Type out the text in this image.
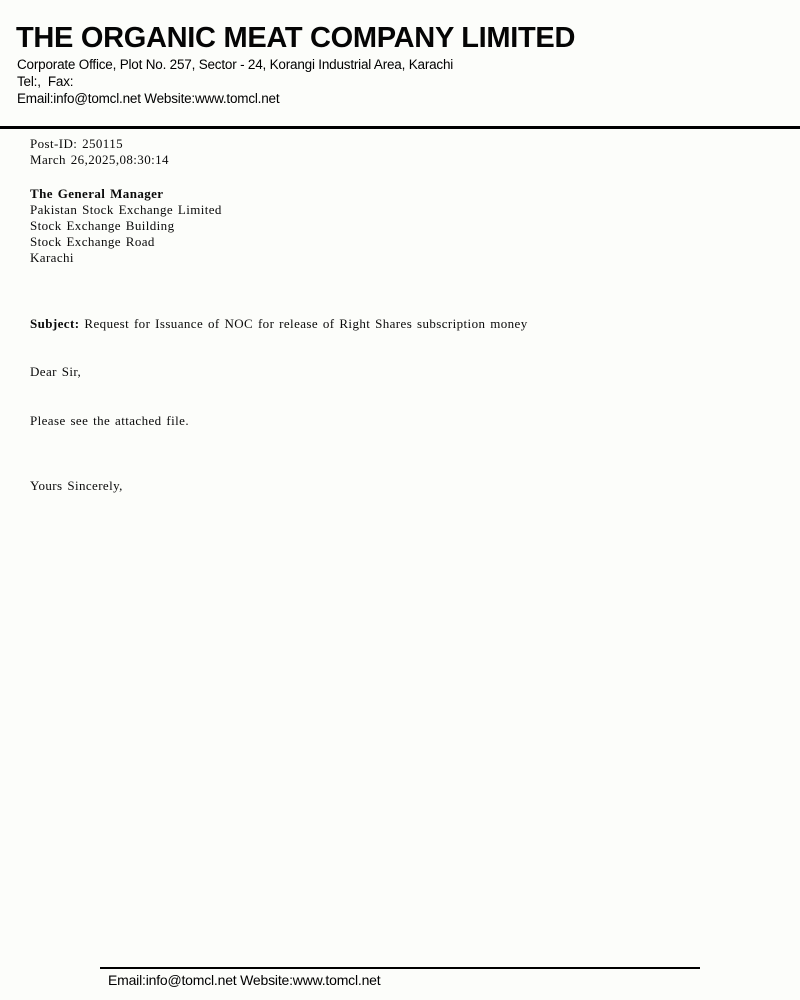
THE ORGANIC MEAT COMPANY LIMITED
Corporate Office, Plot No. 257, Sector - 24, Korangi Industrial Area, Karachi
Tel:,  Fax:
Email:info@tomcl.net Website:www.tomcl.net
Post-ID: 250115
March 26,2025,08:30:14
The General Manager
Pakistan Stock Exchange Limited
Stock Exchange Building
Stock Exchange Road
Karachi

Subject: Request for Issuance of NOC for release of Right Shares subscription money

Dear Sir,

Please see the attached file.

Yours Sincerely,

Email:info@tomcl.net Website:www.tomcl.net
